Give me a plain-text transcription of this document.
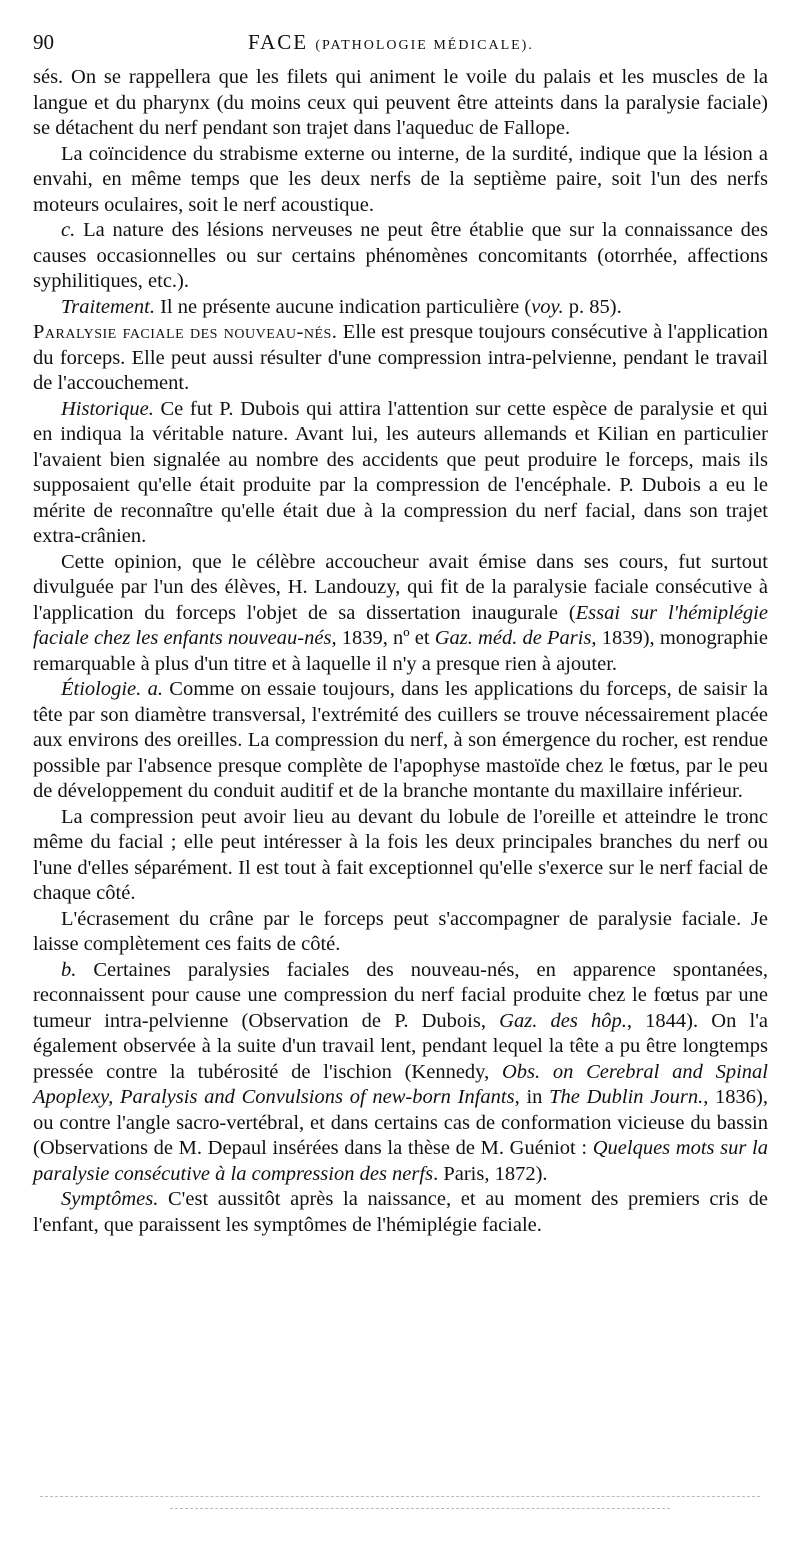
90	FACE (PATHOLOGIE MÉDICALE).

sés. On se rappellera que les filets qui animent le voile du palais et les muscles de la langue et du pharynx (du moins ceux qui peuvent être atteints dans la paralysie faciale) se détachent du nerf pendant son trajet dans l'aqueduc de Fallope.

La coïncidence du strabisme externe ou interne, de la surdité, indique que la lésion a envahi, en même temps que les deux nerfs de la septième paire, soit l'un des nerfs moteurs oculaires, soit le nerf acoustique.

c. La nature des lésions nerveuses ne peut être établie que sur la connaissance des causes occasionnelles ou sur certains phénomènes concomitants (otorrhée, affections syphilitiques, etc.).

Traitement. Il ne présente aucune indication particulière (voy. p. 85).

Paralysie faciale des nouveau-nés. Elle est presque toujours consécutive à l'application du forceps. Elle peut aussi résulter d'une compression intra-pelvienne, pendant le travail de l'accouchement.

Historique. Ce fut P. Dubois qui attira l'attention sur cette espèce de paralysie et qui en indiqua la véritable nature. Avant lui, les auteurs allemands et Kilian en particulier l'avaient bien signalée au nombre des accidents que peut produire le forceps, mais ils supposaient qu'elle était produite par la compression de l'encéphale. P. Dubois a eu le mérite de reconnaître qu'elle était due à la compression du nerf facial, dans son trajet extra-crânien.

Cette opinion, que le célèbre accoucheur avait émise dans ses cours, fut surtout divulguée par l'un des élèves, H. Landouzy, qui fit de la paralysie faciale consécutive à l'application du forceps l'objet de sa dissertation inaugurale (Essai sur l'hémiplégie faciale chez les enfants nouveau-nés, 1839, nº et Gaz. méd. de Paris, 1839), monographie remarquable à plus d'un titre et à laquelle il n'y a presque rien à ajouter.

Étiologie. a. Comme on essaie toujours, dans les applications du forceps, de saisir la tête par son diamètre transversal, l'extrémité des cuillers se trouve nécessairement placée aux environs des oreilles. La compression du nerf, à son émergence du rocher, est rendue possible par l'absence presque complète de l'apophyse mastoïde chez le fœtus, par le peu de développement du conduit auditif et de la branche montante du maxillaire inférieur.

La compression peut avoir lieu au devant du lobule de l'oreille et atteindre le tronc même du facial ; elle peut intéresser à la fois les deux principales branches du nerf ou l'une d'elles séparément. Il est tout à fait exceptionnel qu'elle s'exerce sur le nerf facial de chaque côté.

L'écrasement du crâne par le forceps peut s'accompagner de paralysie faciale. Je laisse complètement ces faits de côté.

b. Certaines paralysies faciales des nouveau-nés, en apparence spontanées, reconnaissent pour cause une compression du nerf facial produite chez le fœtus par une tumeur intra-pelvienne (Observation de P. Dubois, Gaz. des hôp., 1844). On l'a également observée à la suite d'un travail lent, pendant lequel la tête a pu être longtemps pressée contre la tubérosité de l'ischion (Kennedy, Obs. on Cerebral and Spinal Apoplexy, Paralysis and Convulsions of new-born Infants, in The Dublin Journ., 1836), ou contre l'angle sacro-vertébral, et dans certains cas de conformation vicieuse du bassin (Observations de M. Depaul insérées dans la thèse de M. Guéniot : Quelques mots sur la paralysie consécutive à la compression des nerfs. Paris, 1872).

Symptômes. C'est aussitôt après la naissance, et au moment des premiers cris de l'enfant, que paraissent les symptômes de l'hémiplégie faciale.
